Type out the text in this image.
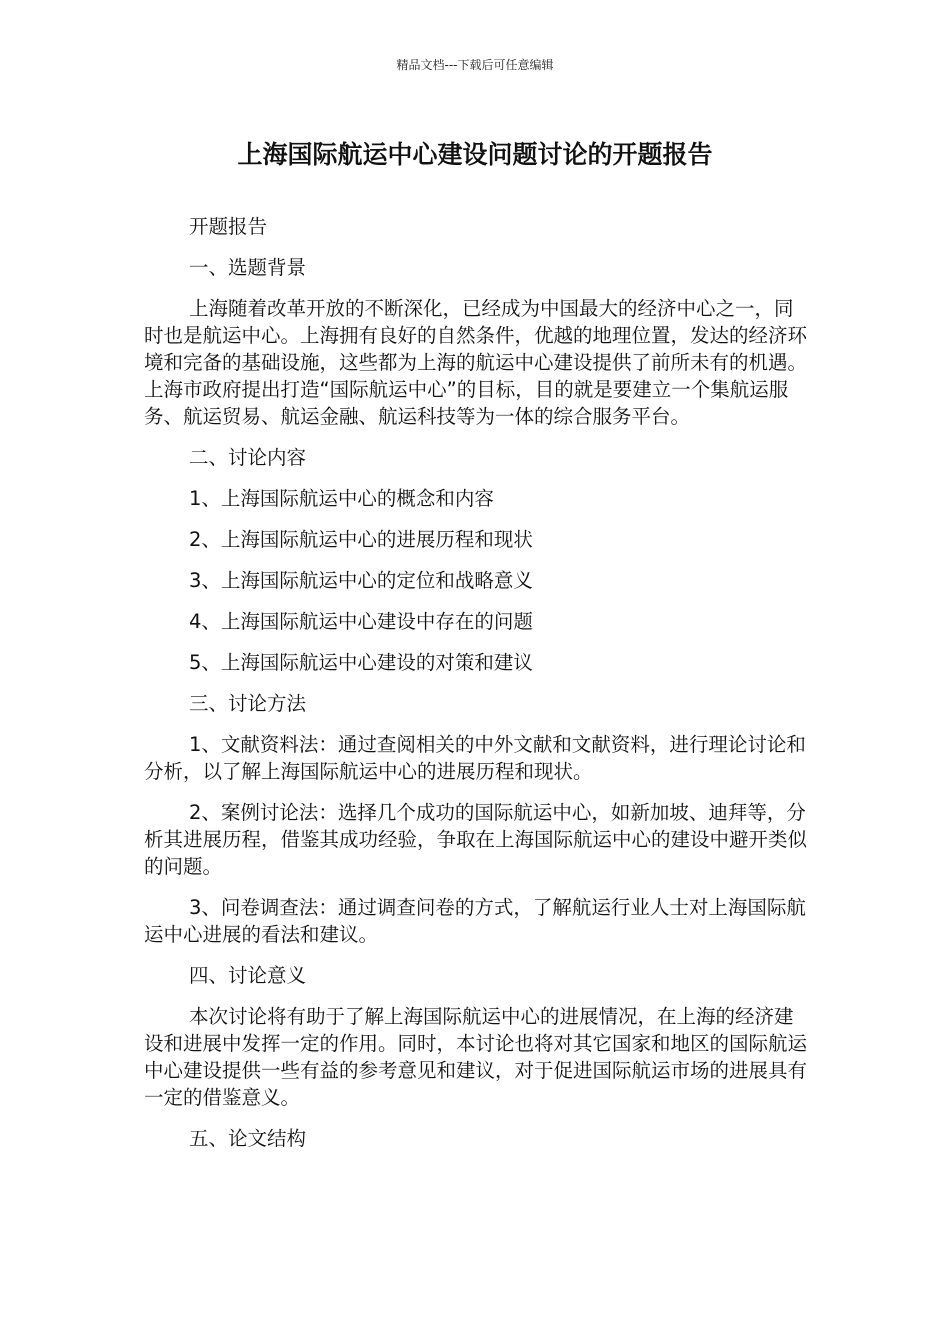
精品文档---下载后可任意编辑
上海国际航运中心建设问题讨论的开题报告

开题报告

一、选题背景

上海随着改革开放的不断深化，已经成为中国最大的经济中心之一，同时也是航运中心。上海拥有良好的自然条件，优越的地理位置，发达的经济环境和完备的基础设施，这些都为上海的航运中心建设提供了前所未有的机遇。上海市政府提出打造“国际航运中心”的目标，目的就是要建立一个集航运服务、航运贸易、航运金融、航运科技等为一体的综合服务平台。

二、讨论内容

1、上海国际航运中心的概念和内容

2、上海国际航运中心的进展历程和现状

3、上海国际航运中心的定位和战略意义

4、上海国际航运中心建设中存在的问题

5、上海国际航运中心建设的对策和建议

三、讨论方法

1、文献资料法：通过查阅相关的中外文献和文献资料，进行理论讨论和分析，以了解上海国际航运中心的进展历程和现状。

2、案例讨论法：选择几个成功的国际航运中心，如新加坡、迪拜等，分析其进展历程，借鉴其成功经验，争取在上海国际航运中心的建设中避开类似的问题。

3、问卷调查法：通过调查问卷的方式，了解航运行业人士对上海国际航运中心进展的看法和建议。

四、讨论意义

本次讨论将有助于了解上海国际航运中心的进展情况，在上海的经济建设和进展中发挥一定的作用。同时，本讨论也将对其它国家和地区的国际航运中心建设提供一些有益的参考意见和建议，对于促进国际航运市场的进展具有一定的借鉴意义。

五、论文结构
